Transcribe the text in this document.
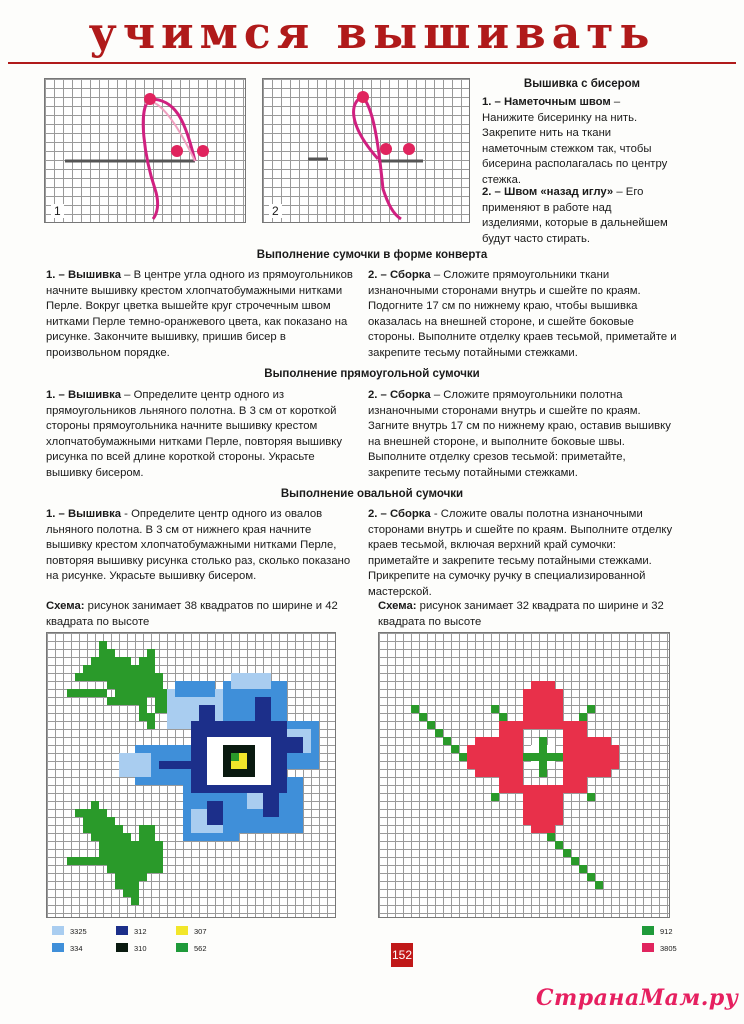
учимся вышивать
1	2
Вышивка с бисером
1. – Наметочным швом – Нанижите бисеринку на нить. Закрепите нить на ткани наметочным стежком так, чтобы бисерина располагалась по центру стежка.
2. – Швом «назад иглу» – Его применяют в работе над изделиями, которые в дальнейшем будут часто стирать.
Выполнение сумочки в форме конверта
1. – Вышивка – В центре угла одного из прямоугольников начните вышивку крестом хлопчатобумажными нитками Перле. Вокруг цветка вышейте круг строчечным швом нитками Перле темно-оранжевого цвета, как показано на рисунке. Закончите вышивку, пришив бисер в произвольном порядке.
2. – Сборка – Сложите прямоугольники ткани изнаночными сторонами внутрь и сшейте по краям. Подогните 17 см по нижнему краю, чтобы вышивка оказалась на внешней стороне, и сшейте боковые стороны. Выполните отделку краев тесьмой, приметайте и закрепите тесьму потайными стежками.
Выполнение прямоугольной сумочки
1. – Вышивка – Определите центр одного из прямоугольников льняного полотна. В 3 см от короткой стороны прямоугольника начните вышивку крестом хлопчатобумажными нитками Перле, повторяя вышивку рисунка по всей длине короткой стороны. Украсьте вышивку бисером.
2. – Сборка – Сложите прямоугольники полотна изнаночными сторонами внутрь и сшейте по краям. Загните внутрь 17 см по нижнему краю, оставив вышивку на внешней стороне, и выполните боковые швы. Выполните отделку срезов тесьмой: приметайте, закрепите тесьму потайными стежками.
Выполнение овальной сумочки
1. – Вышивка - Определите центр одного из овалов льняного полотна. В 3 см от нижнего края начните вышивку крестом хлопчатобумажными нитками Перле, повторяя вышивку рисунка столько раз, сколько показано на рисунке. Украсьте вышивку бисером.
2. – Сборка - Сложите овалы полотна изнаночными сторонами внутрь и сшейте по краям. Выполните отделку краев тесьмой, включая верхний край сумочки: приметайте и закрепите тесьму потайными стежками. Прикрепите на сумочку ручку в специализированной мастерской.
Схема: рисунок занимает 38 квадратов по ширине и 42 квадрата по высоте
Схема: рисунок занимает 32 квадрата по ширине и 32 квадрата по высоте
3325
334
312
310
307
562
912
3805
152
СтранаМам.ру
